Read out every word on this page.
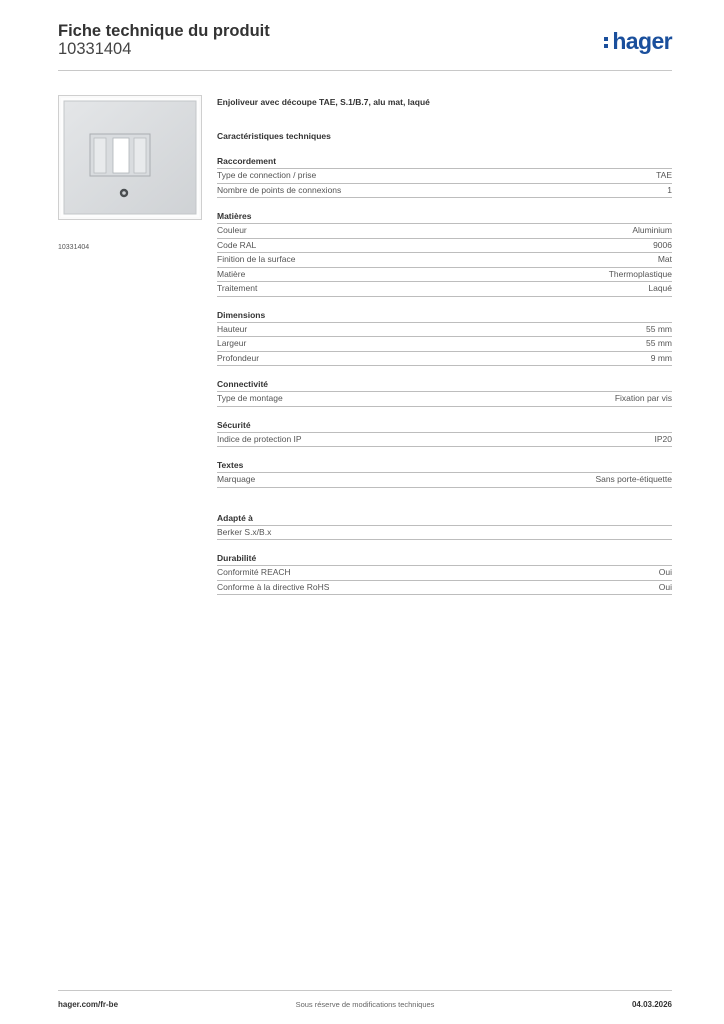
Fiche technique du produit
10331404	hager
10331404
Enjoliveur avec découpe TAE, S.1/B.7, alu mat, laqué
Caractéristiques techniques
Raccordement
Type de connection / prise	TAE
Nombre de points de connexions	1
Matières
Couleur	Aluminium
Code RAL	9006
Finition de la surface	Mat
Matière	Thermoplastique
Traitement	Laqué
Dimensions
Hauteur	55 mm
Largeur	55 mm
Profondeur	9 mm
Connectivité
Type de montage	Fixation par vis
Sécurité
Indice de protection IP	IP20
Textes
Marquage	Sans porte-étiquette
Adapté à
Berker S.x/B.x
Durabilité
Conformité REACH	Oui
Conforme à la directive RoHS	Oui
hager.com/fr-be	Sous réserve de modifications techniques	04.03.2026
